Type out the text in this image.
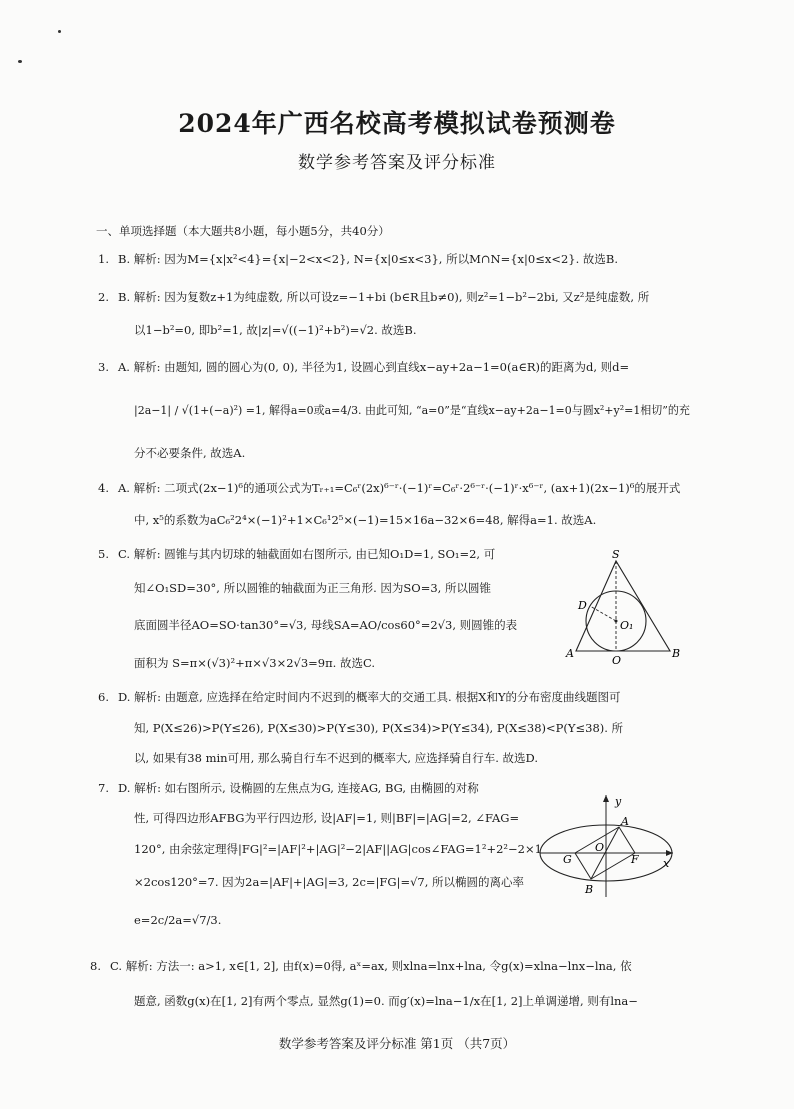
2024年广西名校高考模拟试卷预测卷
数学参考答案及评分标准
一、单项选择题（本大题共8小题，每小题5分，共40分）
1. B. 解析: 因为M={x|x²<4}={x|−2<x<2}, N={x|0≤x<3}, 所以M∩N={x|0≤x<2}. 故选B.
2. B. 解析: 因为复数z+1为纯虚数, 所以可设z=−1+bi (b∈R且b≠0), 则z²=1−b²−2bi, 又z²是纯虚数, 所
以1−b²=0, 即b²=1, 故|z|=√((−1)²+b²)=√2. 故选B.
3. A. 解析: 由题知, 圆的圆心为(0, 0), 半径为1, 设圆心到直线x−ay+2a−1=0(a∈R)的距离为d, 则d=
|2a−1| / √(1+(−a)²) =1, 解得a=0或a=4/3. 由此可知, “a=0”是“直线x−ay+2a−1=0与圆x²+y²=1相切”的充
分不必要条件, 故选A.
4. A. 解析: 二项式(2x−1)⁶的通项公式为Tᵣ₊₁=C₆ʳ(2x)⁶⁻ʳ·(−1)ʳ=C₆ʳ·2⁶⁻ʳ·(−1)ʳ·x⁶⁻ʳ, (ax+1)(2x−1)⁶的展开式
中, x⁵的系数为aC₆²2⁴×(−1)²+1×C₆¹2⁵×(−1)=15×16a−32×6=48, 解得a=1. 故选A.
5. C. 解析: 圆锥与其内切球的轴截面如右图所示, 由已知O₁D=1, SO₁=2, 可
知∠O₁SD=30°, 所以圆锥的轴截面为正三角形. 因为SO=3, 所以圆锥
底面圆半径AO=SO·tan30°=√3, 母线SA=AO/cos60°=2√3, 则圆锥的表
面积为 S=π×(√3)²+π×√3×2√3=9π. 故选C.
S
D
O₁
A
O
B
6. D. 解析: 由题意, 应选择在给定时间内不迟到的概率大的交通工具. 根据X和Y的分布密度曲线题图可
知, P(X≤26)>P(Y≤26), P(X≤30)>P(Y≤30), P(X≤34)>P(Y≤34), P(X≤38)<P(Y≤38). 所
以, 如果有38 min可用, 那么骑自行车不迟到的概率大, 应选择骑自行车. 故选D.
7. D. 解析: 如右图所示, 设椭圆的左焦点为G, 连接AG, BG, 由椭圆的对称
性, 可得四边形AFBG为平行四边形, 设|AF|=1, 则|BF|=|AG|=2, ∠FAG=
120°, 由余弦定理得|FG|²=|AF|²+|AG|²−2|AF||AG|cos∠FAG=1²+2²−2×1
×2cos120°=7. 因为2a=|AF|+|AG|=3, 2c=|FG|=√7, 所以椭圆的离心率
e=2c/2a=√7/3.
y
A
O
G	F
B
x
8. C. 解析: 方法一: a>1, x∈[1, 2], 由f(x)=0得, aˣ=ax, 则xlna=lnx+lna, 令g(x)=xlna−lnx−lna, 依
题意, 函数g(x)在[1, 2]有两个零点, 显然g(1)=0. 而g′(x)=lna−1/x在[1, 2]上单调递增, 则有lna−
数学参考答案及评分标准 第1页 （共7页）
